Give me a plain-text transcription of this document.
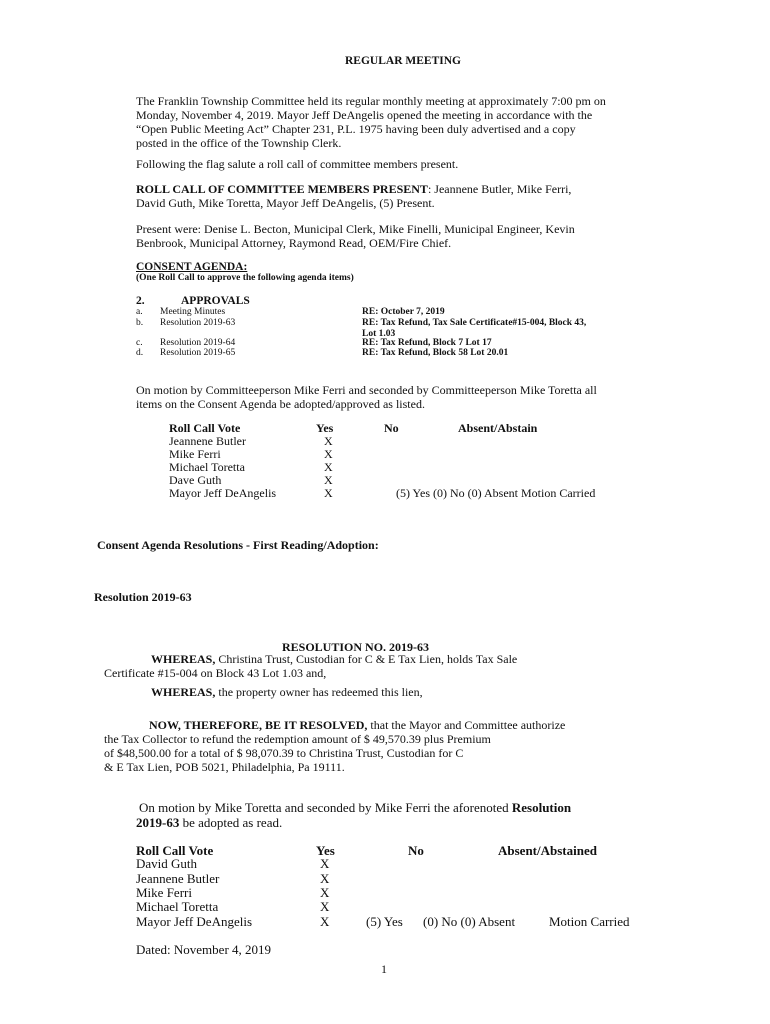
REGULAR MEETING

The Franklin Township Committee held its regular monthly meeting at approximately 7:00 pm on

Monday, November 4, 2019. Mayor Jeff DeAngelis opened the meeting in accordance with the

“Open Public Meeting Act” Chapter 231, P.L. 1975 having been duly advertised and a copy

posted in the office of the Township Clerk.

Following the flag salute a roll call of committee members present.

ROLL CALL OF COMMITTEE MEMBERS PRESENT: Jeannene Butler, Mike Ferri,

David Guth, Mike Toretta, Mayor Jeff DeAngelis, (5) Present.

Present were: Denise L. Becton, Municipal Clerk, Mike Finelli, Municipal Engineer, Kevin

Benbrook, Municipal Attorney, Raymond Read, OEM/Fire Chief.

CONSENT AGENDA:
(One Roll Call to approve the following agenda items)
2.	APPROVALS
a. Meeting Minutes	RE: October 7, 2019
b. Resolution 2019-63	RE: Tax Refund, Tax Sale Certificate#15-004, Block 43,
Lot 1.03
c. Resolution 2019-64	RE: Tax Refund, Block 7 Lot 17
d. Resolution 2019-65	RE: Tax Refund, Block 58 Lot 20.01

On motion by Committeeperson Mike Ferri and seconded by Committeeperson Mike Toretta all

items on the Consent Agenda be adopted/approved as listed.

Roll Call Vote	Yes	No	Absent/Abstain
Jeannene Butler	X
Mike Ferri	X
Michael Toretta	X
Dave Guth	X
Mayor Jeff DeAngelis	X	(5) Yes (0) No (0) Absent Motion Carried
Consent Agenda Resolutions - First Reading/Adoption:
Resolution 2019-63
RESOLUTION NO. 2019-63

WHEREAS, Christina Trust, Custodian for C & E Tax Lien, holds Tax Sale

Certificate #15-004 on Block 43 Lot 1.03 and,

WHEREAS, the property owner has redeemed this lien,

NOW, THEREFORE, BE IT RESOLVED, that the Mayor and Committee authorize

the Tax Collector to refund the redemption amount of $ 49,570.39 plus Premium

of $48,500.00 for a total of $ 98,070.39 to Christina Trust, Custodian for C

& E Tax Lien, POB 5021, Philadelphia, Pa 19111.

On motion by Mike Toretta and seconded by Mike Ferri the aforenoted Resolution

2019-63 be adopted as read.

Roll Call Vote	Yes	No	Absent/Abstained
David Guth	X
Jeannene Butler	X
Mike Ferri	X
Michael Toretta	X
Mayor Jeff DeAngelis	X	(5) Yes (0) No (0) Absent	Motion Carried
Dated: November 4, 2019
1
